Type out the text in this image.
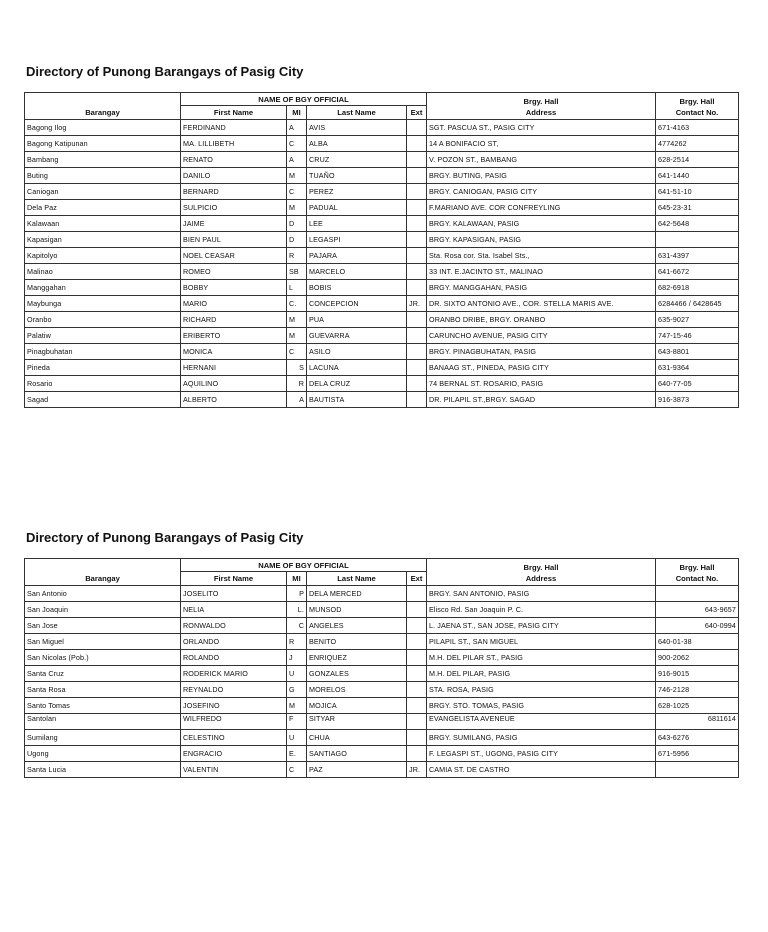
Directory of Punong Barangays of Pasig City
	NAME OF BGY OFFICIAL				Brgy. Hall	Brgy. Hall
Barangay	First Name	MI	Last Name	Ext	Address	Contact No.
Bagong Ilog	FERDINAND	A	AVIS		SGT. PASCUA ST., PASIG CITY	671-4163
Bagong Katipunan	MA. LILLIBETH	C	ALBA		14 A BONIFACIO ST,	4774262
Bambang	RENATO	A	CRUZ		V. POZON ST., BAMBANG	628-2514
Buting	DANILO	M	TUAÑO		BRGY. BUTING, PASIG	641-1440
Caniogan	BERNARD	C	PEREZ		BRGY. CANIOGAN, PASIG CITY	641-51-10
Dela Paz	SULPICIO	M	PADUAL		F.MARIANO AVE. COR CONFREYLING	645-23-31
Kalawaan	JAIME	D	LEE		BRGY. KALAWAAN, PASIG	642-5648
Kapasigan	BIEN PAUL	D	LEGASPI		BRGY. KAPASIGAN, PASIG	
Kapitolyo	NOEL CEASAR	R	PAJARA		Sta. Rosa cor. Sta. Isabel Sts.,	631-4397
Malinao	ROMEO	SB	MARCELO		33 INT. E.JACINTO ST., MALINAO	641-6672
Manggahan	BOBBY	L	BOBIS		BRGY. MANGGAHAN, PASIG	682-6918
Maybunga	MARIO	C.	CONCEPCION	JR.	DR. SIXTO ANTONIO AVE., COR. STELLA MARIS AVE.	6284466 / 6428645
Oranbo	RICHARD	M	PUA		ORANBO DRIBE, BRGY. ORANBO	635-9027
Palatiw	ERIBERTO	M	GUEVARRA		CARUNCHO AVENUE, PASIG CITY	747-15-46
Pinagbuhatan	MONICA	C	ASILO		BRGY. PINAGBUHATAN, PASIG	643-8801
Pineda	HERNANI	S	LACUNA		BANAAG ST., PINEDA, PASIG CITY	631-9364
Rosario	AQUILINO	R	DELA CRUZ		74 BERNAL ST. ROSARIO, PASIG	640-77-05
Sagad	ALBERTO	A	BAUTISTA		DR. PILAPIL ST.,BRGY. SAGAD	916-3873
Directory of Punong Barangays of Pasig City
	NAME OF BGY OFFICIAL				Brgy. Hall	Brgy. Hall
Barangay	First Name	MI	Last Name	Ext	Address	Contact No.
San Antonio	JOSELITO	P	DELA MERCED		BRGY. SAN ANTONIO, PASIG	
San Joaquin	NELIA	L.	MUNSOD		Elisco Rd. San Joaquin P. C.	643-9657
San Jose	RONWALDO	C	ANGELES		L. JAENA ST., SAN JOSE, PASIG CITY	640-0994
San Miguel	ORLANDO	R	BENITO		PILAPIL ST., SAN MIGUEL	640-01-38
San Nicolas (Pob.)	ROLANDO	J	ENRIQUEZ		M.H. DEL PILAR ST., PASIG	900-2062
Santa Cruz	RODERICK MARIO	U	GONZALES		M.H. DEL PILAR, PASIG	916-9015
Santa Rosa	REYNALDO	G	MORELOS		STA. ROSA, PASIG	746-2128
Santo Tomas	JOSEFINO	M	MOJICA		BRGY. STO. TOMAS, PASIG	628-1025
Santolan	WILFREDO	F	SITYAR		EVANGELISTA AVENEUE	6811614
Sumilang	CELESTINO	U	CHUA		BRGY. SUMILANG, PASIG	643-6276
Ugong	ENGRACIO	E.	SANTIAGO		F. LEGASPI ST., UGONG, PASIG CITY	671-5956
Santa Lucia	VALENTIN	C	PAZ	JR.	CAMIA ST. DE CASTRO	
